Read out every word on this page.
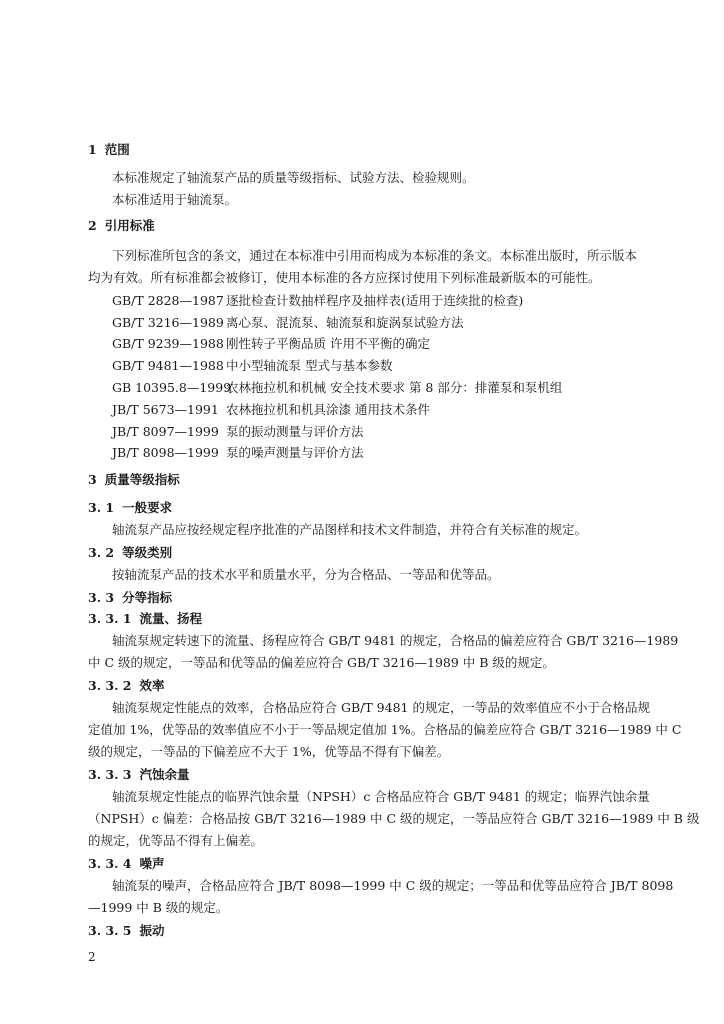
1 范围
本标准规定了轴流泵产品的质量等级指标、试验方法、检验规则。
本标准适用于轴流泵。
2 引用标准
下列标准所包含的条文，通过在本标准中引用而构成为本标准的条文。本标准出版时，所示版本
均为有效。所有标准都会被修订，使用本标准的各方应探讨使用下列标准最新版本的可能性。
GB/T 2828—1987 逐批检查计数抽样程序及抽样表(适用于连续批的检查)
GB/T 3216—1989 离心泵、混流泵、轴流泵和旋涡泵试验方法
GB/T 9239—1988 刚性转子平衡品质 许用不平衡的确定
GB/T 9481—1988 中小型轴流泵 型式与基本参数
GB 10395.8—1999农林拖拉机和机械 安全技术要求 第 8 部分：排灌泵和泵机组
JB/T 5673—1991 农林拖拉机和机具涂漆 通用技术条件
JB/T 8097—1999 泵的振动测量与评价方法
JB/T 8098—1999 泵的噪声测量与评价方法
3 质量等级指标
3. 1 一般要求
轴流泵产品应按经规定程序批准的产品图样和技术文件制造，并符合有关标准的规定。
3. 2 等级类别
按轴流泵产品的技术水平和质量水平，分为合格品、一等品和优等品。
3. 3 分等指标
3. 3. 1 流量、扬程
轴流泵规定转速下的流量、扬程应符合 GB/T 9481 的规定，合格品的偏差应符合 GB/T 3216—1989
中 C 级的规定，一等品和优等品的偏差应符合 GB/T 3216—1989 中 B 级的规定。
3. 3. 2 效率
轴流泵规定性能点的效率，合格品应符合 GB/T 9481 的规定，一等品的效率值应不小于合格品规
定值加 1%，优等品的效率值应不小于一等品规定值加 1%。合格品的偏差应符合 GB/T 3216—1989 中 C
级的规定，一等品的下偏差应不大于 1%，优等品不得有下偏差。
3. 3. 3 汽蚀余量
轴流泵规定性能点的临界汽蚀余量（NPSH）c 合格品应符合 GB/T 9481 的规定；临界汽蚀余量
（NPSH）c 偏差：合格品按 GB/T 3216—1989 中 C 级的规定，一等品应符合 GB/T 3216—1989 中 B 级
的规定，优等品不得有上偏差。
3. 3. 4 噪声
轴流泵的噪声，合格品应符合 JB/T 8098—1999 中 C 级的规定；一等品和优等品应符合 JB/T 8098
—1999 中 B 级的规定。
3. 3. 5 振动
2
